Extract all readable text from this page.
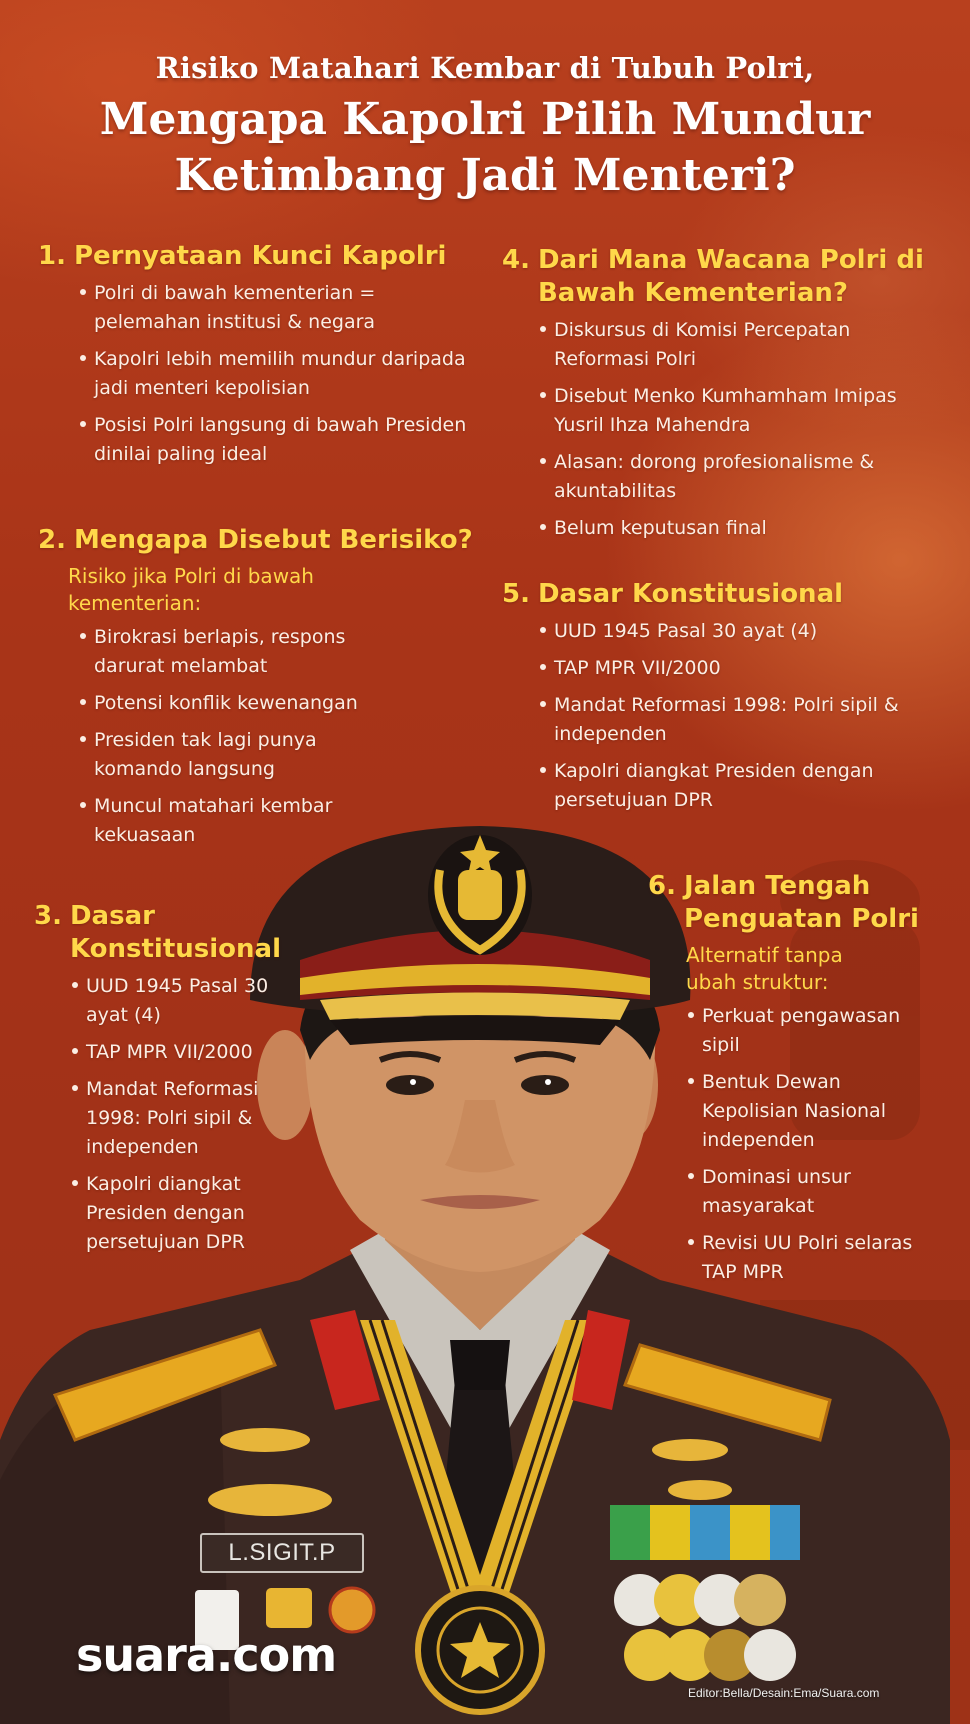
Risiko Matahari Kembar di Tubuh Polri,
Mengapa Kapolri Pilih Mundur
Ketimbang Jadi Menteri?
1. Pernyataan Kunci Kapolri
Polri di bawah kementerian = pelemahan institusi & negara
Kapolri lebih memilih mundur daripada jadi menteri kepolisian
Posisi Polri langsung di bawah Presiden dinilai paling ideal
2. Mengapa Disebut Berisiko?
Risiko jika Polri di bawah kementerian:
Birokrasi berlapis, respons darurat melambat
Potensi konflik kewenangan
Presiden tak lagi punya komando langsung
Muncul matahari kembar kekuasaan
3. Dasar Konstitusional
UUD 1945 Pasal 30 ayat (4)
TAP MPR VII/2000
Mandat Reformasi 1998: Polri sipil & independen
Kapolri diangkat Presiden dengan persetujuan DPR
4. Dari Mana Wacana Polri di Bawah Kementerian?
Diskursus di Komisi Percepatan Reformasi Polri
Disebut Menko Kumhamham Imipas Yusril Ihza Mahendra
Alasan: dorong profesionalisme & akuntabilitas
Belum keputusan final
5. Dasar Konstitusional
UUD 1945 Pasal 30 ayat (4)
TAP MPR VII/2000
Mandat Reformasi 1998: Polri sipil & independen
Kapolri diangkat Presiden dengan persetujuan DPR
6. Jalan Tengah Penguatan Polri
Alternatif tanpa ubah struktur:
Perkuat pengawasan sipil
Bentuk Dewan Kepolisian Nasional independen
Dominasi unsur masyarakat
Revisi UU Polri selaras TAP MPR
L.SIGIT.P
suara.com
Editor:Bella/Desain:Ema/Suara.com
